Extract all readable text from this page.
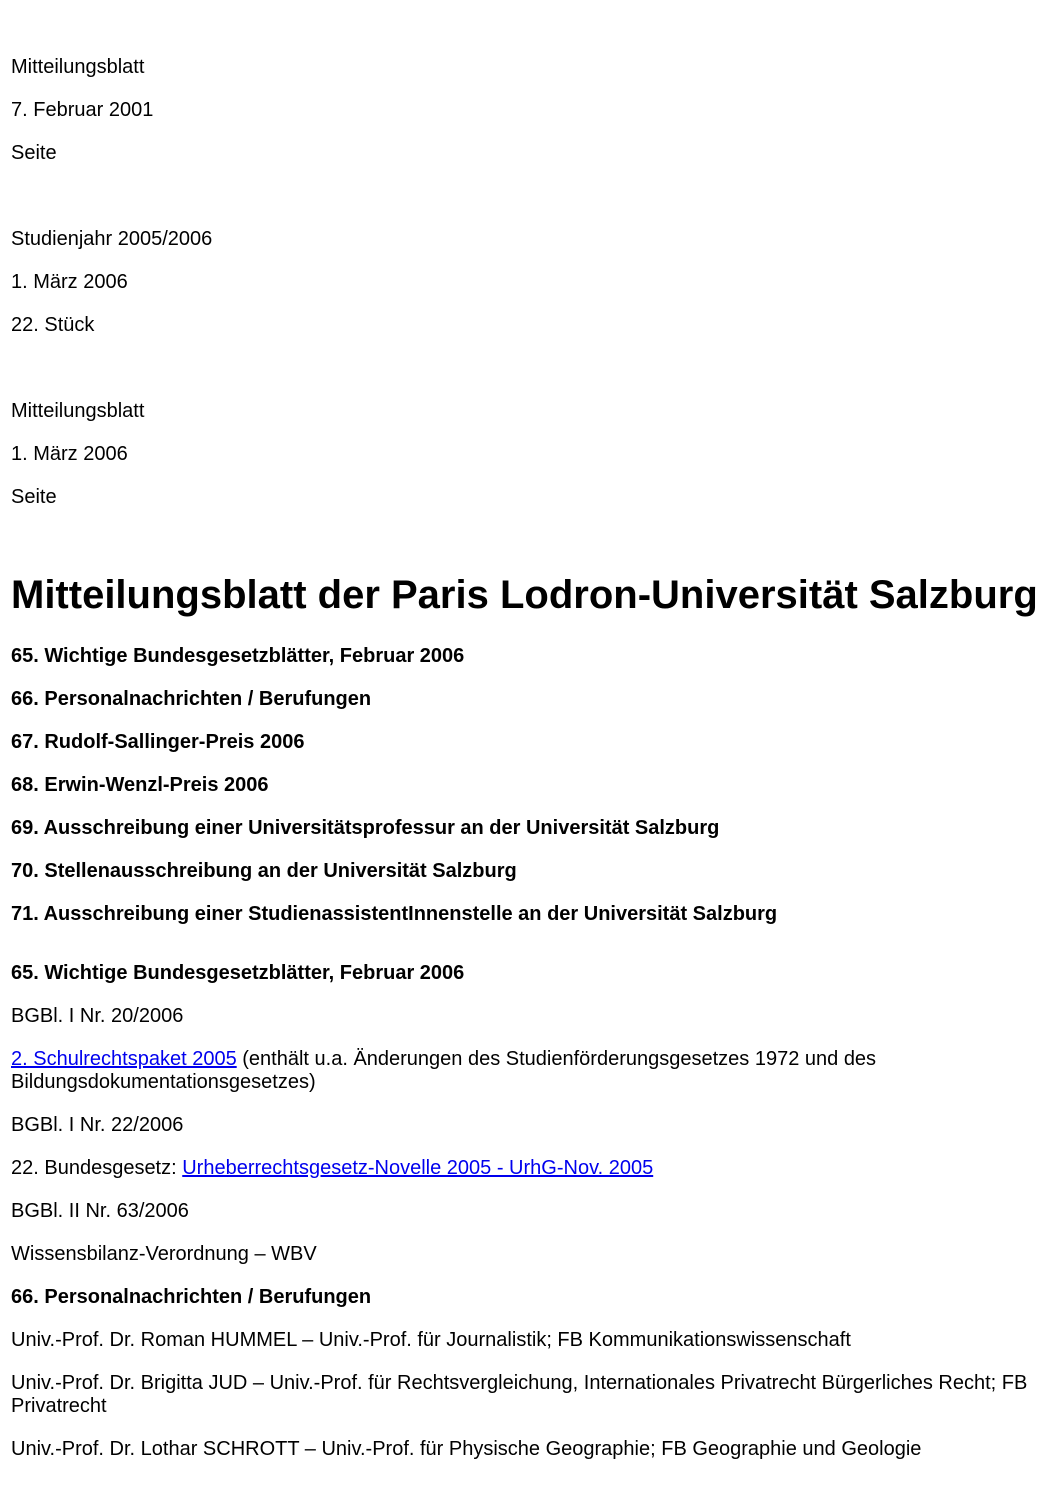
Mitteilungsblatt

7. Februar 2001

Seite

Studienjahr 2005/2006

1. März 2006

22. Stück

Mitteilungsblatt

1. März 2006

Seite

Mitteilungsblatt der Paris Lodron-Universität Salzburg

65. Wichtige Bundesgesetzblätter, Februar 2006

66. Personalnachrichten / Berufungen

67. Rudolf-Sallinger-Preis 2006

68. Erwin-Wenzl-Preis 2006

69. Ausschreibung einer Universitätsprofessur an der Universität Salzburg

70. Stellenausschreibung an der Universität Salzburg

71. Ausschreibung einer StudienassistentInnenstelle an der Universität Salzburg

65. Wichtige Bundesgesetzblätter, Februar 2006

BGBl. I Nr. 20/2006

2. Schulrechtspaket 2005 (enthält u.a. Änderungen des Studienförderungsgesetzes 1972 und des Bildungsdokumentationsgesetzes)

BGBl. I Nr. 22/2006

22. Bundesgesetz: Urheberrechtsgesetz-Novelle 2005 - UrhG-Nov. 2005

BGBl. II Nr. 63/2006

Wissensbilanz-Verordnung – WBV

66. Personalnachrichten / Berufungen

Univ.-Prof. Dr. Roman HUMMEL – Univ.-Prof. für Journalistik; FB Kommunikationswissenschaft

Univ.-Prof. Dr. Brigitta JUD – Univ.-Prof. für Rechtsvergleichung, Internationales Privatrecht Bürgerliches Recht; FB Privatrecht

Univ.-Prof. Dr. Lothar SCHROTT – Univ.-Prof. für Physische Geographie; FB Geographie und Geologie
